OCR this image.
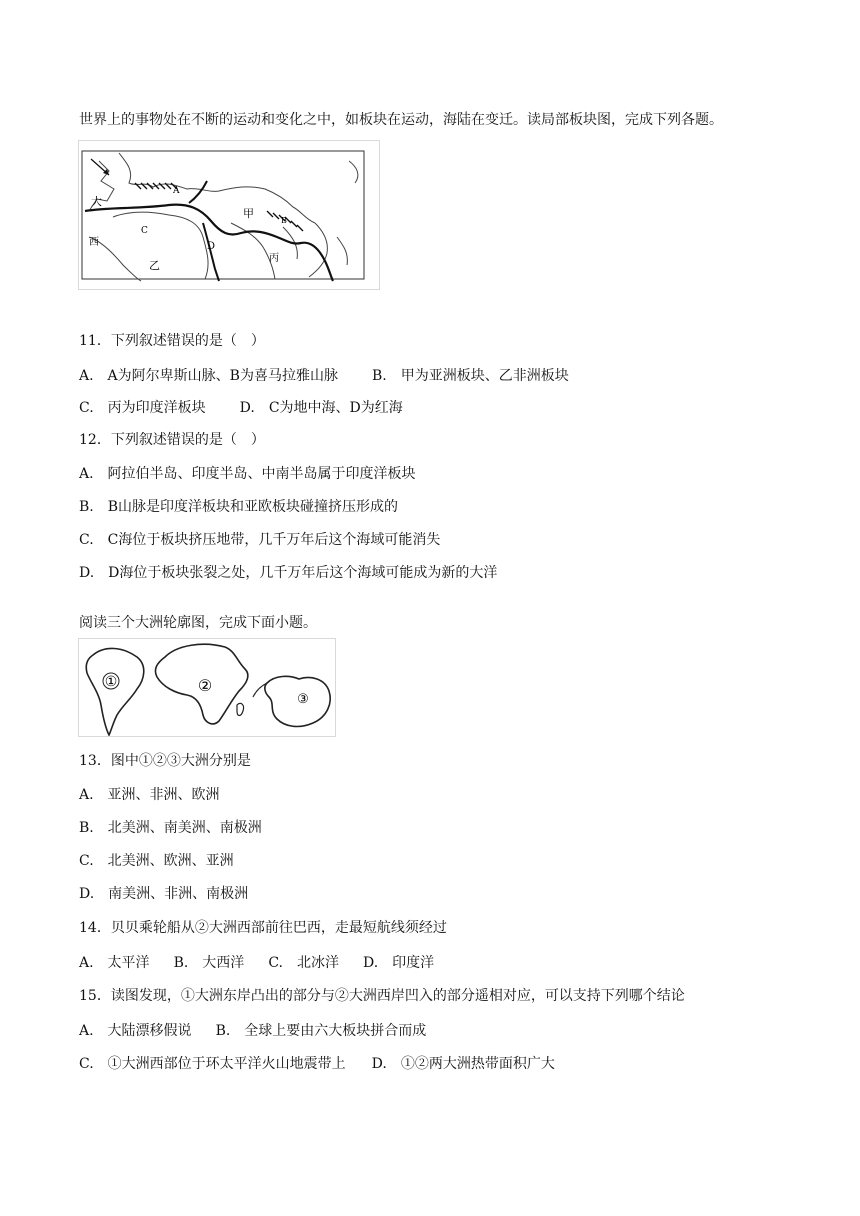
世界上的事物处在不断的运动和变化之中，如板块在运动，海陆在变迁。读局部板块图，完成下列各题。
大
A
西
C
甲
B
D
乙
丙
11．下列叙述错误的是（　）
A.　A为阿尔卑斯山脉、B为喜马拉雅山脉 B.　甲为亚洲板块、乙非洲板块
C.　丙为印度洋板块 D.　C为地中海、D为红海
12．下列叙述错误的是（　）
A.　阿拉伯半岛、印度半岛、中南半岛属于印度洋板块
B.　B山脉是印度洋板块和亚欧板块碰撞挤压形成的
C.　C海位于板块挤压地带，几千万年后这个海域可能消失
D.　D海位于板块张裂之处，几千万年后这个海域可能成为新的大洋
阅读三个大洲轮廓图，完成下面小题。
①	②
③
13．图中①②③大洲分别是
A.　亚洲、非洲、欧洲
B.　北美洲、南美洲、南极洲
C.　北美洲、欧洲、亚洲
D.　南美洲、非洲、南极洲
14．贝贝乘轮船从②大洲西部前往巴西，走最短航线须经过
A.　太平洋 B.　大西洋 C.　北冰洋 D.　印度洋
15．读图发现，①大洲东岸凸出的部分与②大洲西岸凹入的部分遥相对应，可以支持下列哪个结论
A.　大陆漂移假说 B.　全球上要由六大板块拼合而成
C.　①大洲西部位于环太平洋火山地震带上 D.　①②两大洲热带面积广大
